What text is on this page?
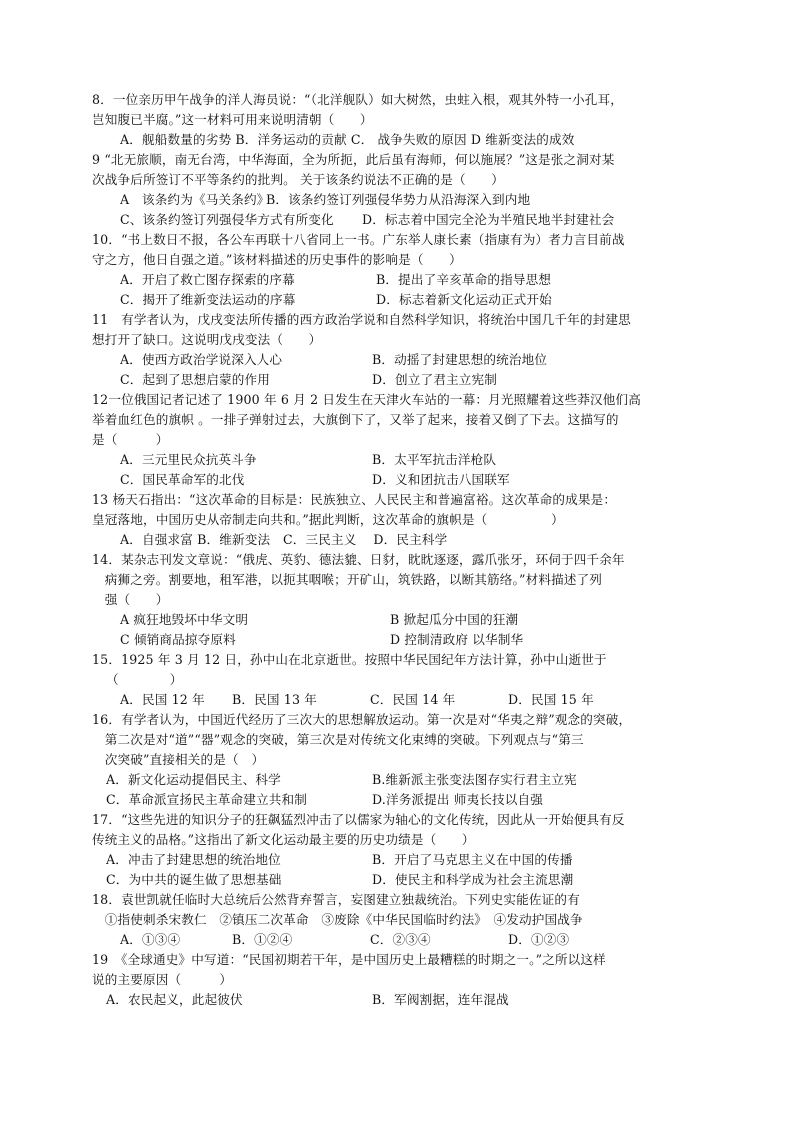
8．一位亲历甲午战争的洋人海员说：“（北洋舰队）如大树然，虫蛀入根，观其外特一小孔耳，
岂知腹已半腐。”这一材料可用来说明清朝（　　）
A．舰船数量的劣势 B．洋务运动的贡献 C． 战争失败的原因 D 维新变法的成效
9 “北无旅顺，南无台湾，中华海面，全为所扼，此后虽有海师，何以施展？”这是张之洞对某
次战争后所签订不平等条约的批判。 关于该条约说法不正确的是（　　）
A　该条约为《马关条约》
B．该条约签订列强侵华势力从沿海深入到内地
C、该条约签订列强侵华方式有所变化	D．标志着中国完全沦为半殖民地半封建社会
10．“书上数日不报，各公车再联十八省同上一书。广东举人康长素（指康有为）者力言目前战
守之方，他日自强之道。”该材料描述的历史事件的影响是（　　）
A．开启了救亡图存探索的序幕	B．提出了辛亥革命的指导思想
C．揭开了维新变法运动的序幕	D．标志着新文化运动正式开始
11　有学者认为，戊戌变法所传播的西方政治学说和自然科学知识，将统治中国几千年的封建思
想打开了缺口。这说明戊戌变法（　　）
A．使西方政治学说深入人心	B．动摇了封建思想的统治地位
C．起到了思想启蒙的作用	D．创立了君主立宪制
12一位俄国记者记述了 1900 年 6 月 2 日发生在天津火车站的一幕：月光照耀着这些莽汉他们高
举着血红色的旗帜 。一排子弹射过去，大旗倒下了，又举了起来，接着又倒了下去。这描写的
是（　　　）
A．三元里民众抗英斗争	B．太平军抗击洋枪队
C．国民革命军的北伐	D．义和团抗击八国联军
13 杨天石指出：“这次革命的目标是：民族独立、人民民主和普遍富裕。这次革命的成果是：
皇冠落地，中国历史从帝制走向共和。”据此判断，这次革命的旗帜是（　　　　　）
A．自强求富 B．维新变法　C．三民主义　 D．民主科学
14．某杂志刊发文章说：“俄虎、英豹、德法貔、日豺，眈眈逐逐，露爪张牙，环伺于四千余年
　病狮之旁。割要地，租军港，以扼其咽喉；开矿山，筑铁路，以断其筋络。”材料描述了列
　强（　　）
A 疯狂地毁坏中华文明	B 掀起瓜分中国的狂潮
C 倾销商品掠夺原料	D 控制清政府 以华制华
15．1925 年 3 月 12 日，孙中山在北京逝世。按照中华民国纪年方法计算，孙中山逝世于
（　　　　）
A．民国 12 年	B．民国 13 年	C．民国 14 年	D．民国 15 年
16．有学者认为，中国近代经历了三次大的思想解放运动。第一次是对“华夷之辩”观念的突破，
　第二次是对“道”“器”观念的突破，第三次是对传统文化束缚的突破。下列观点与“第三
　次突破”直接相关的是（　）
A．新文化运动提倡民主、科学	B.维新派主张变法图存实行君主立宪
C．革命派宣扬民主革命建立共和制	D.洋务派提出 师夷长技以自强
17．“这些先进的知识分子的狂飙猛烈冲击了以儒家为轴心的文化传统，因此从一开始便具有反
传统主义的品格。”这指出了新文化运动最主要的历史功绩是（　　）
A．冲击了封建思想的统治地位	B．开启了马克思主义在中国的传播
C．为中共的诞生做了思想基础	D．使民主和科学成为社会主流思潮
18．袁世凯就任临时大总统后公然背弃誓言，妄图建立独裁统治。下列史实能佐证的有
　①指使刺杀宋教仁　②镇压二次革命　③废除《中华民国临时约法》　④发动护国战争
A．①③④	B．①②④	C．②③④	D．①②③
19　《全球通史》中写道：“民国初期若干年，是中国历史上最糟糕的时期之一。”之所以这样
说的主要原因（　　　）
A．农民起义，此起彼伏	B．军阀割据，连年混战
